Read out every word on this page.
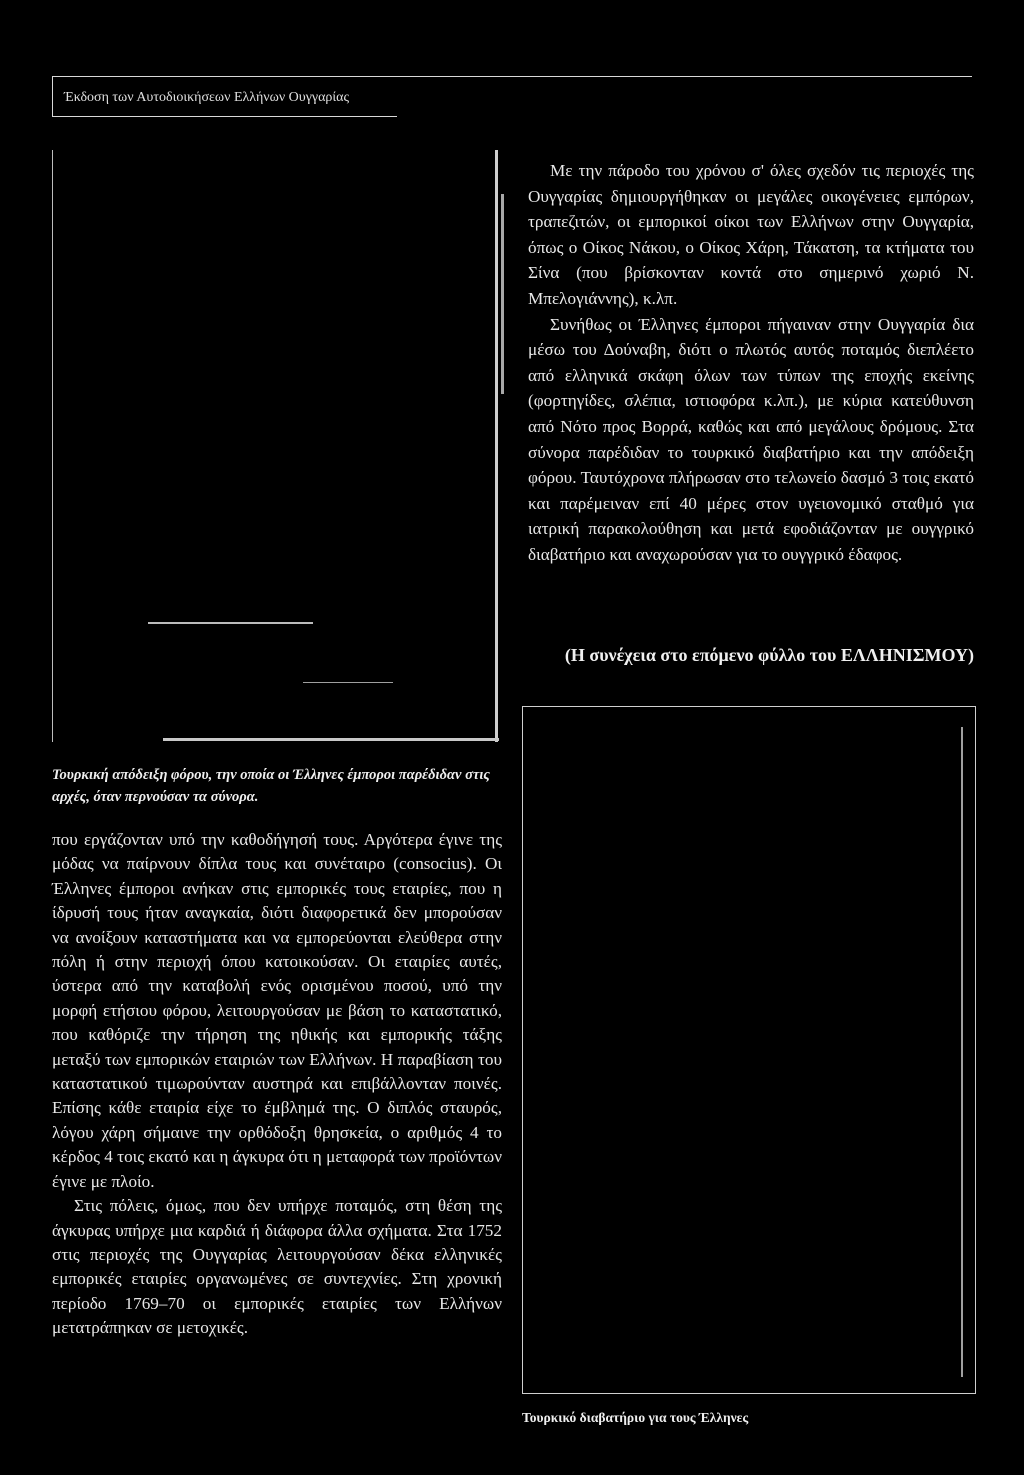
Έκδοση των Αυτοδιοικήσεων Ελλήνων Ουγγαρίας
Τουρκική απόδειξη φόρου, την οποία οι Έλληνες έμποροι παρέδιδαν στις αρχές, όταν περνούσαν τα σύνορα.

Με την πάροδο του χρόνου σ' όλες σχεδόν τις περιοχές της Ουγγαρίας δημιουργήθηκαν οι μεγάλες οικογένειες εμπόρων, τραπεζιτών, οι εμπορικοί οίκοι των Ελλήνων στην Ουγγαρία, όπως ο Οίκος Νάκου, ο Οίκος Χάρη, Τάκατση, τα κτήματα του Σίνα (που βρίσκονταν κοντά στο σημερινό χωριό Ν. Μπελογιάννης), κ.λπ.

Συνήθως οι Έλληνες έμποροι πήγαιναν στην Ουγγαρία δια μέσω του Δούναβη, διότι ο πλωτός αυτός ποταμός διεπλέετο από ελληνικά σκάφη όλων των τύπων της εποχής εκείνης (φορτηγίδες, σλέπια, ιστιοφόρα κ.λπ.), με κύρια κατεύθυνση από Νότο προς Βορρά, καθώς και από μεγάλους δρόμους. Στα σύνορα παρέδιδαν το τουρκικό διαβατήριο και την απόδειξη φόρου. Ταυτόχρονα πλήρωσαν στο τελωνείο δασμό 3 τοις εκατό και παρέμειναν επί 40 μέρες στον υγειονομικό σταθμό για ιατρική παρακολούθηση και μετά εφοδιάζονταν με ουγγρικό διαβατήριο και αναχωρούσαν για το ουγγρικό έδαφος.

(Η συνέχεια στο επόμενο φύλλο του ΕΛΛΗΝΙΣΜΟΥ)
Τουρκικό διαβατήριο για τους Έλληνες

που εργάζονταν υπό την καθοδήγησή τους. Αργότερα έγινε της μόδας να παίρνουν δίπλα τους και συνέταιρο (consocius). Οι Έλληνες έμποροι ανήκαν στις εμπορικές τους εταιρίες, που η ίδρυσή τους ήταν αναγκαία, διότι διαφορετικά δεν μπορούσαν να ανοίξουν καταστήματα και να εμπορεύονται ελεύθερα στην πόλη ή στην περιοχή όπου κατοικούσαν. Οι εταιρίες αυτές, ύστερα από την καταβολή ενός ορισμένου ποσού, υπό την μορφή ετήσιου φόρου, λειτουργούσαν με βάση το καταστατικό, που καθόριζε την τήρηση της ηθικής και εμπορικής τάξης μεταξύ των εμπορικών εταιριών των Ελλήνων. Η παραβίαση του καταστατικού τιμωρούνταν αυστηρά και επιβάλλονταν ποινές. Επίσης κάθε εταιρία είχε το έμβλημά της. Ο διπλός σταυρός, λόγου χάρη σήμαινε την ορθόδοξη θρησκεία, ο αριθμός 4 το κέρδος 4 τοις εκατό και η άγκυρα ότι η μεταφορά των προϊόντων έγινε με πλοίο.

Στις πόλεις, όμως, που δεν υπήρχε ποταμός, στη θέση της άγκυρας υπήρχε μια καρδιά ή διάφορα άλλα σχήματα. Στα 1752 στις περιοχές της Ουγγαρίας λειτουργούσαν δέκα ελληνικές εμπορικές εταιρίες οργανωμένες σε συντεχνίες. Στη χρονική περίοδο 1769–70 οι εμπορικές εταιρίες των Ελλήνων μετατράπηκαν σε μετοχικές.
